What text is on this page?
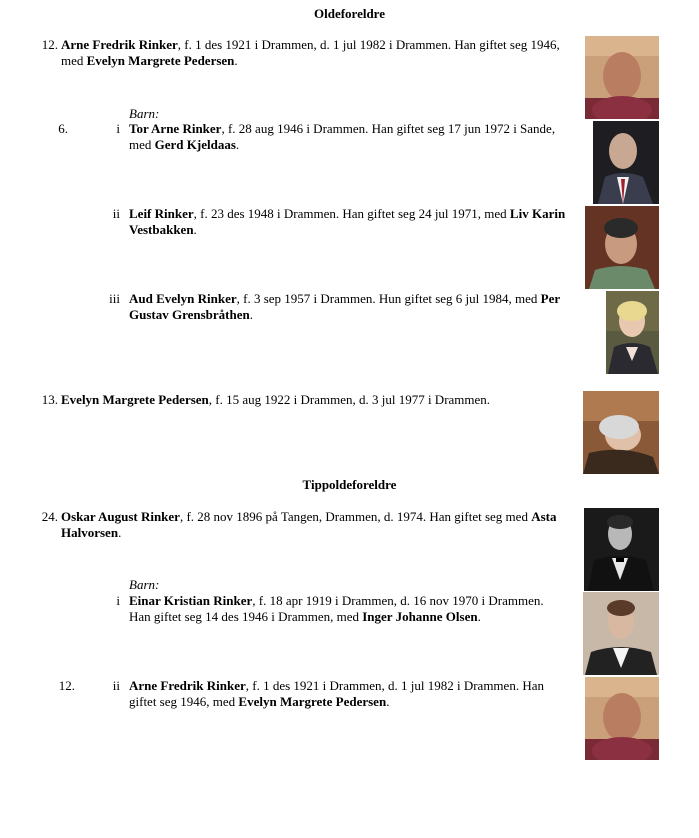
Oldeforeldre
12. Arne Fredrik Rinker, f. 1 des 1921 i Drammen, d. 1 jul 1982 i Drammen. Han giftet seg 1946,
med Evelyn Margrete Pedersen.
Barn:
6.	i Tor Arne Rinker, f. 28 aug 1946 i Drammen. Han giftet seg 17 jun 1972 i Sande,
med Gerd Kjeldaas.
ii Leif Rinker, f. 23 des 1948 i Drammen. Han giftet seg 24 jul 1971, med Liv Karin
Vestbakken.
iii Aud Evelyn Rinker, f. 3 sep 1957 i Drammen. Hun giftet seg 6 jul 1984, med Per
Gustav Grensbråthen.
13. Evelyn Margrete Pedersen, f. 15 aug 1922 i Drammen, d. 3 jul 1977 i Drammen.
Tippoldeforeldre
24. Oskar August Rinker, f. 28 nov 1896 på Tangen, Drammen, d. 1974. Han giftet seg med Asta
Halvorsen.
Barn:
i Einar Kristian Rinker, f. 18 apr 1919 i Drammen, d. 16 nov 1970 i Drammen.
Han giftet seg 14 des 1946 i Drammen, med Inger Johanne Olsen.
12.	ii Arne Fredrik Rinker, f. 1 des 1921 i Drammen, d. 1 jul 1982 i Drammen. Han
giftet seg 1946, med Evelyn Margrete Pedersen.
